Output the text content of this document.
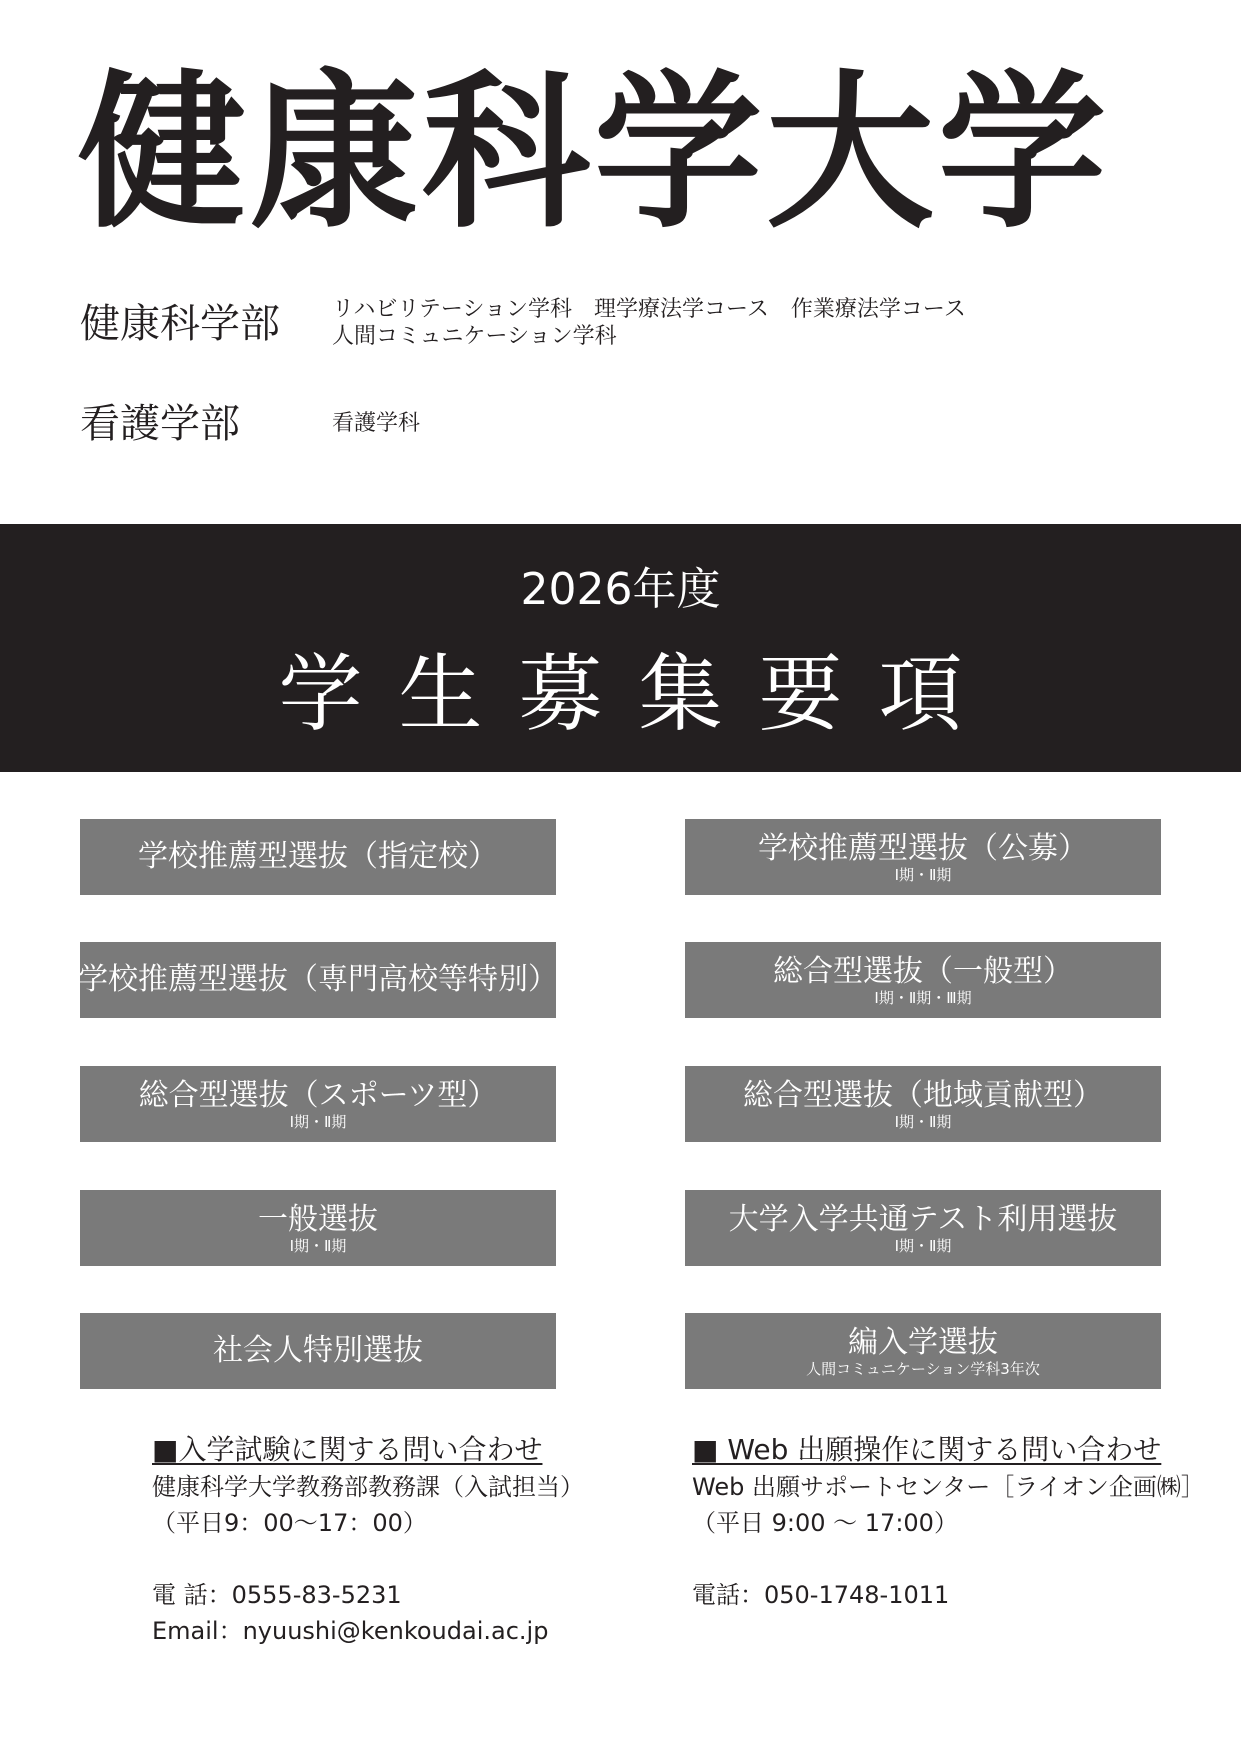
健康科学大学
健康科学部 リハビリテーション学科　理学療法学コース　作業療法学コース
人間コミュニケーション学科
看護学部	看護学科
2026年度
学生募集要項
学校推薦型選抜（指定校）
学校推薦型選抜（専門高校等特別）
総合型選抜（スポーツ型）
Ⅰ期・Ⅱ期
一般選抜
Ⅰ期・Ⅱ期
社会人特別選抜
学校推薦型選抜（公募）
Ⅰ期・Ⅱ期
総合型選抜（一般型）
Ⅰ期・Ⅱ期・Ⅲ期
総合型選抜（地域貢献型）
Ⅰ期・Ⅱ期
大学入学共通テスト利用選抜
Ⅰ期・Ⅱ期
編入学選抜
人間コミュニケーション学科3年次
■入学試験に関する問い合わせ
健康科学大学教務部教務課（入試担当）
（平日9：00～17：00）
電 話：0555-83-5231
Email：nyuushi@kenkoudai.ac.jp
■ Web 出願操作に関する問い合わせ
Web 出願サポートセンター［ライオン企画㈱］
（平日 9:00 ～ 17:00）
電話：050-1748-1011
